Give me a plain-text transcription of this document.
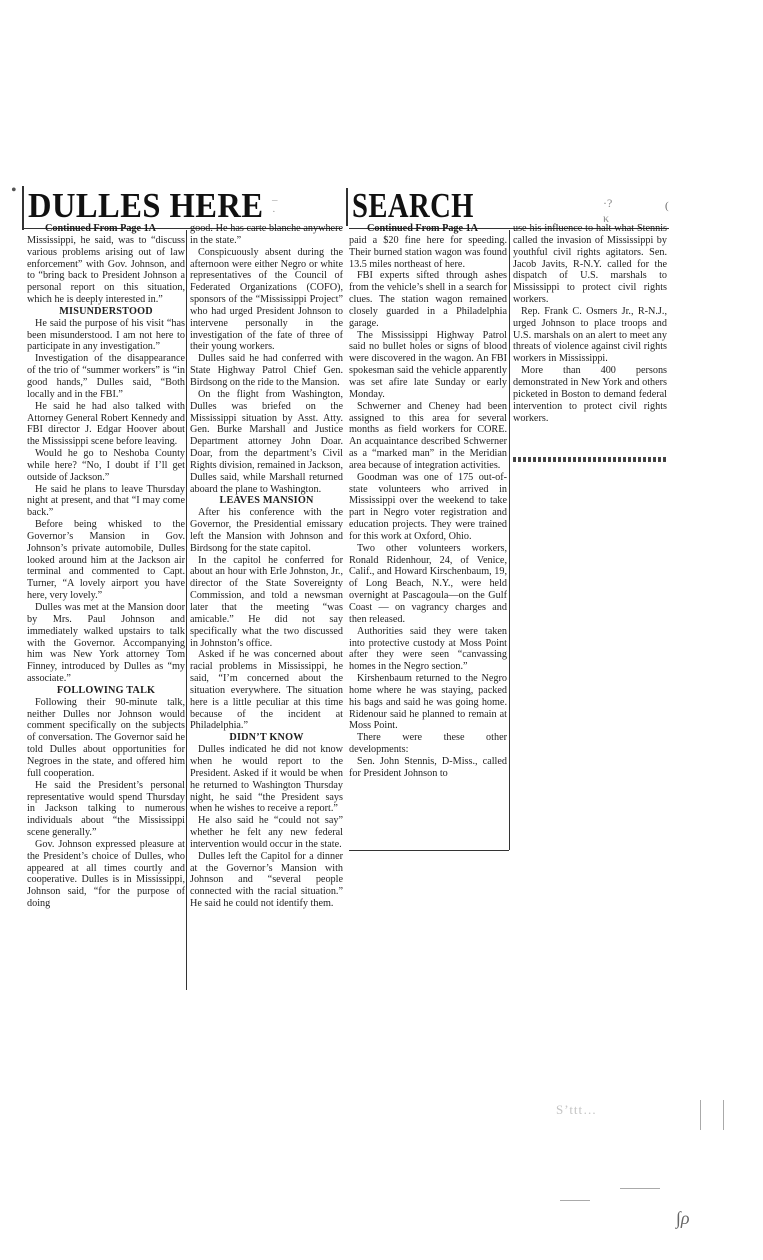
• DULLES HERE – ·

Continued From Page 1A

Mississippi, he said, was to “discuss various problems arising out of law enforcement” with Gov. Johnson, and to “bring back to President Johnson a personal report on this situation, which he is deeply interested in.”

MISUNDERSTOOD

He said the purpose of his visit “has been misunderstood. I am not here to participate in any investigation.”

Investigation of the disappearance of the trio of “summer workers” is “in good hands,” Dulles said, “Both locally and in the FBI.”

He said he had also talked with Attorney General Robert Kennedy and FBI director J. Edgar Hoover about the Mississippi scene before leaving.

Would he go to Neshoba County while here? “No, I doubt if I’ll get outside of Jackson.”

He said he plans to leave Thursday night at present, and that “I may come back.”

Before being whisked to the Governor’s Mansion in Gov. Johnson’s private automobile, Dulles looked around him at the Jackson air terminal and commented to Capt. Turner, “A lovely airport you have here, very lovely.”

Dulles was met at the Mansion door by Mrs. Paul Johnson and immediately walked upstairs to talk with the Governor. Accompanying him was New York attorney Tom Finney, introduced by Dulles as “my associate.”

FOLLOWING TALK

Following their 90-minute talk, neither Dulles nor Johnson would comment specifically on the subjects of conversation. The Governor said he told Dulles about opportunities for Negroes in the state, and offered him full cooperation.

He said the President’s personal representative would spend Thursday in Jackson talking to numerous individuals about “the Mississippi scene generally.”

Gov. Johnson expressed pleasure at the President’s choice of Dulles, who appeared at all times courtly and cooperative. Dulles is in Mississippi, Johnson said, “for the purpose of doing

good. He has carte blanche anywhere in the state.”

Conspicuously absent during the afternoon were either Negro or white representatives of the Council of Federated Organizations (COFO), sponsors of the “Mississippi Project” who had urged President Johnson to intervene personally in the investigation of the fate of three of their young workers.

Dulles said he had conferred with State Highway Patrol Chief Gen. Birdsong on the ride to the Mansion.

On the flight from Washington, Dulles was briefed on the Mississippi situation by Asst. Atty. Gen. Burke Marshall and Justice Department attorney John Doar. Doar, from the department’s Civil Rights division, remained in Jackson, Dulles said, while Marshall returned aboard the plane to Washington.

LEAVES MANSION

After his conference with the Governor, the Presidential emissary left the Mansion with Johnson and Birdsong for the state capitol.

In the capitol he conferred for about an hour with Erle Johnston, Jr., director of the State Sovereignty Commission, and told a newsman later that the meeting “was amicable.” He did not say specifically what the two discussed in Johnston’s office.

Asked if he was concerned about racial problems in Mississippi, he said, “I’m concerned about the situation everywhere. The situation here is a little peculiar at this time because of the incident at Philadelphia.”

DIDN’T KNOW

Dulles indicated he did not know when he would report to the President. Asked if it would be when he returned to Washington Thursday night, he said “the President says when he wishes to receive a report.”

He also said he “could not say” whether he felt any new federal intervention would occur in the state.

Dulles left the Capitol for a dinner at the Governor’s Mansion with Johnson and “several people connected with the racial situation.” He said he could not identify them.

SEARCH	·?κ
(

Continued From Page 1A

paid a $20 fine here for speeding. Their burned station wagon was found 13.5 miles northeast of here.

FBI experts sifted through ashes from the vehicle’s shell in a search for clues. The station wagon remained closely guarded in a Philadelphia garage.

The Mississippi Highway Patrol said no bullet holes or signs of blood were discovered in the wagon. An FBI spokesman said the vehicle apparently was set afire late Sunday or early Monday.

Schwerner and Cheney had been assigned to this area for several months as field workers for CORE. An acquaintance described Schwerner as a “marked man” in the Meridian area because of integration activities.

Goodman was one of 175 out-of-state volunteers who arrived in Mississippi over the weekend to take part in Negro voter registration and education projects. They were trained for this work at Oxford, Ohio.

Two other volunteers workers, Ronald Ridenhour, 24, of Venice, Calif., and Howard Kirschenbaum, 19, of Long Beach, N.Y., were held overnight at Pascagoula—on the Gulf Coast — on vagrancy charges and then released.

Authorities said they were taken into protective custody at Moss Point after they were seen “canvassing homes in the Negro section.”

Kirshenbaum returned to the Negro home where he was staying, packed his bags and said he was going home. Ridenour said he planned to remain at Moss Point.

There were these other developments:

Sen. John Stennis, D-Miss., called for President Johnson to

use his influence to halt what Stennis called the invasion of Mississippi by youthful civil rights agitators. Sen. Jacob Javits, R-N.Y. called for the dispatch of U.S. marshals to Mississippi to protect civil rights workers.

Rep. Frank C. Osmers Jr., R-N.J., urged Johnson to place troops and U.S. marshals on an alert to meet any threats of violence against civil rights workers in Mississippi.

More than 400 persons demonstrated in New York and others picketed in Boston to demand federal intervention to protect civil rights workers.

S’ttt…
∫ρ
